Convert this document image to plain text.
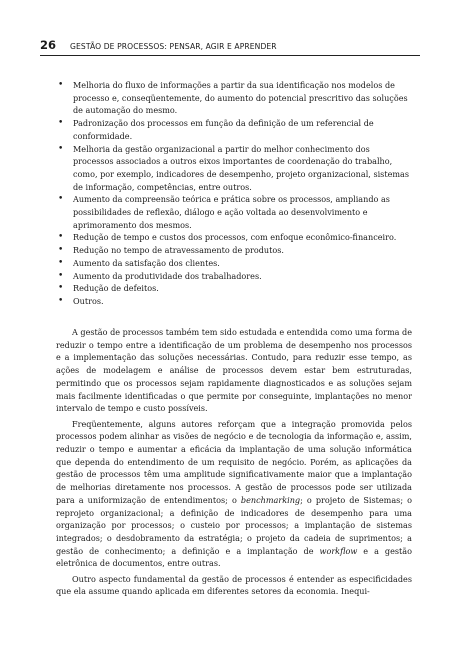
26 GESTÃO DE PROCESSOS: PENSAR, AGIR E APRENDER
• Melhoria do fluxo de informações a partir da sua identificação nos modelos de processo e, conseqüentemente, do aumento do potencial prescritivo das soluções de automação do mesmo.
• Padronização dos processos em função da definição de um referencial de conformidade.
• Melhoria da gestão organizacional a partir do melhor conhecimento dos processos associados a outros eixos importantes de coordenação do trabalho, como, por exemplo, indicadores de desempenho, projeto organizacional, sistemas de informação, competências, entre outros.
• Aumento da compreensão teórica e prática sobre os processos, ampliando as possibilidades de reflexão, diálogo e ação voltada ao desenvolvimento e aprimoramento dos mesmos.
• Redução de tempo e custos dos processos, com enfoque econômico-financeiro.
• Redução no tempo de atravessamento de produtos.
• Aumento da satisfação dos clientes.
• Aumento da produtividade dos trabalhadores.
• Redução de defeitos.
• Outros.

A gestão de processos também tem sido estudada e entendida como uma forma de reduzir o tempo entre a identificação de um problema de desempenho nos processos e a implementação das soluções necessárias. Contudo, para reduzir esse tempo, as ações de modelagem e análise de processos devem estar bem estruturadas, permitindo que os processos sejam rapidamente diagnosticados e as soluções sejam mais facilmente identificadas o que permite por conseguinte, implantações no menor intervalo de tempo e custo possíveis.

Freqüentemente, alguns autores reforçam que a integração promovida pelos processos podem alinhar as visões de negócio e de tecnologia da informação e, assim, reduzir o tempo e aumentar a eficácia da implantação de uma solução informática que dependa do entendimento de um requisito de negócio. Porém, as aplicações da gestão de processos têm uma amplitude significativamente maior que a implantação de melhorias diretamente nos processos. A gestão de processos pode ser utilizada para a uniformização de entendimentos; o benchmarking; o projeto de Sistemas; o reprojeto organizacional; a definição de indicadores de desempenho para uma organização por processos; o custeio por processos; a implantação de sistemas integrados; o desdobramento da estratégia; o projeto da cadeia de suprimentos; a gestão de conhecimento; a definição e a implantação de workflow e a gestão eletrônica de documentos, entre outras.

Outro aspecto fundamental da gestão de processos é entender as especificidades que ela assume quando aplicada em diferentes setores da economia. Inequi-
